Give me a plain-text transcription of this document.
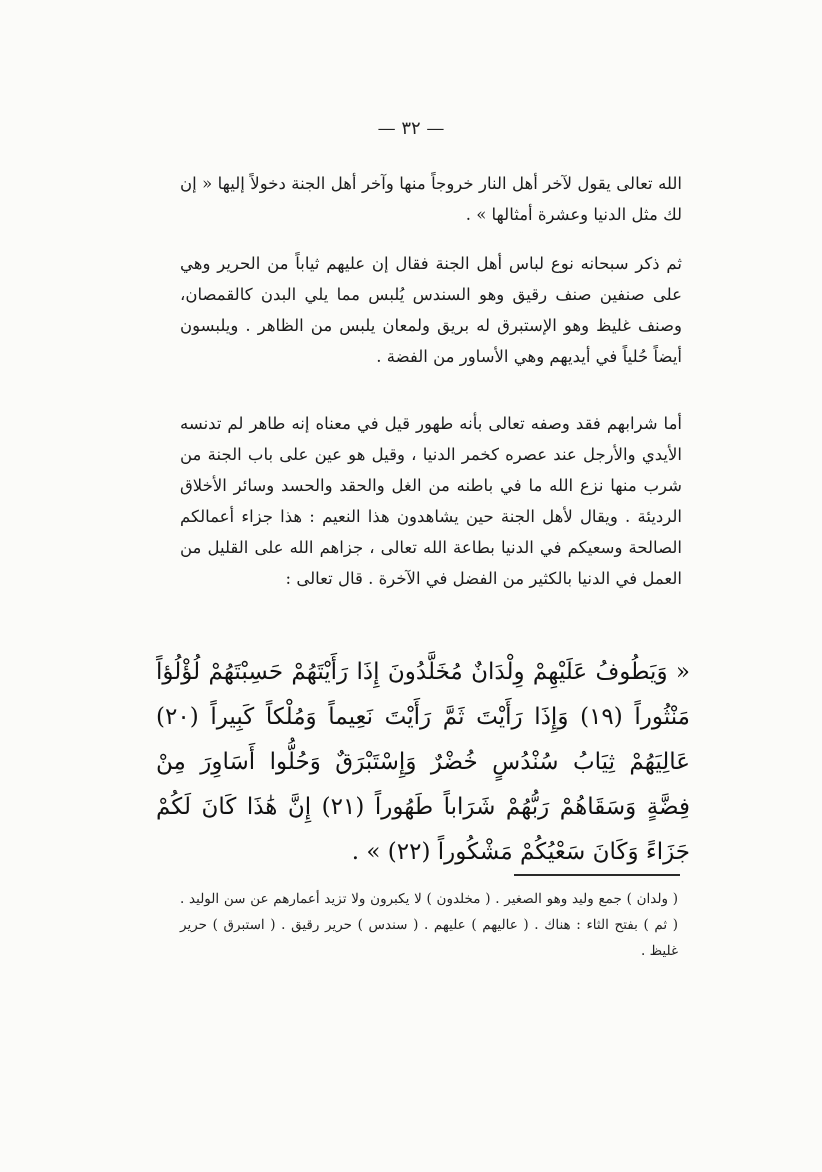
— ٣٢ —

الله تعالى يقول لآخر أهل النار خروجاً منها وآخر أهل الجنة دخولاً إليها « إن لك مثل الدنيا وعشرة أمثالها » .

ثم ذكر سبحانه نوع لباس أهل الجنة فقال إن عليهم ثياباً من الحرير وهي على صنفين صنف رقيق وهو السندس يُلبس مما يلي البدن كالقمصان، وصنف غليظ وهو الإستبرق له بريق ولمعان يلبس من الظاهر . ويلبسون أيضاً حُلياً في أيديهم وهي الأساور من الفضة .

أما شرابهم فقد وصفه تعالى بأنه طهور قيل في معناه إنه طاهر لم تدنسه الأيدي والأرجل عند عصره كخمر الدنيا ، وقيل هو عين على باب الجنة من شرب منها نزع الله ما في باطنه من الغل والحقد والحسد وسائر الأخلاق الرديئة . ويقال لأهل الجنة حين يشاهدون هذا النعيم : هذا جزاء أعمالكم الصالحة وسعيكم في الدنيا بطاعة الله تعالى ، جزاهم الله على القليل من العمل في الدنيا بالكثير من الفضل في الآخرة . قال تعالى :

« وَيَطُوفُ عَلَيْهِمْ وِلْدَانٌ مُخَلَّدُونَ إِذَا رَأَيْتَهُمْ حَسِبْتَهُمْ لُؤْلُؤاً مَنْثُوراً (١٩) وَإِذَا رَأَيْتَ ثَمَّ رَأَيْتَ نَعِيماً وَمُلْكاً كَبِيراً (٢٠) عَالِيَهُمْ ثِيَابُ سُنْدُسٍ خُضْرٌ وَإِسْتَبْرَقٌ وَحُلُّوا أَسَاوِرَ مِنْ فِضَّةٍ وَسَقَاهُمْ رَبُّهُمْ شَرَاباً طَهُوراً (٢١) إِنَّ هَٰذَا كَانَ لَكُمْ جَزَاءً وَكَانَ سَعْيُكُمْ مَشْكُوراً (٢٢) » .

( ولدان ) جمع وليد وهو الصغير . ( مخلدون ) لا يكبرون ولا تزيد أعمارهم عن سن الوليد . ( ثم ) بفتح الثاء : هناك . ( عاليهم ) عليهم . ( سندس ) حرير رقيق . ( استبرق ) حرير غليظ .
